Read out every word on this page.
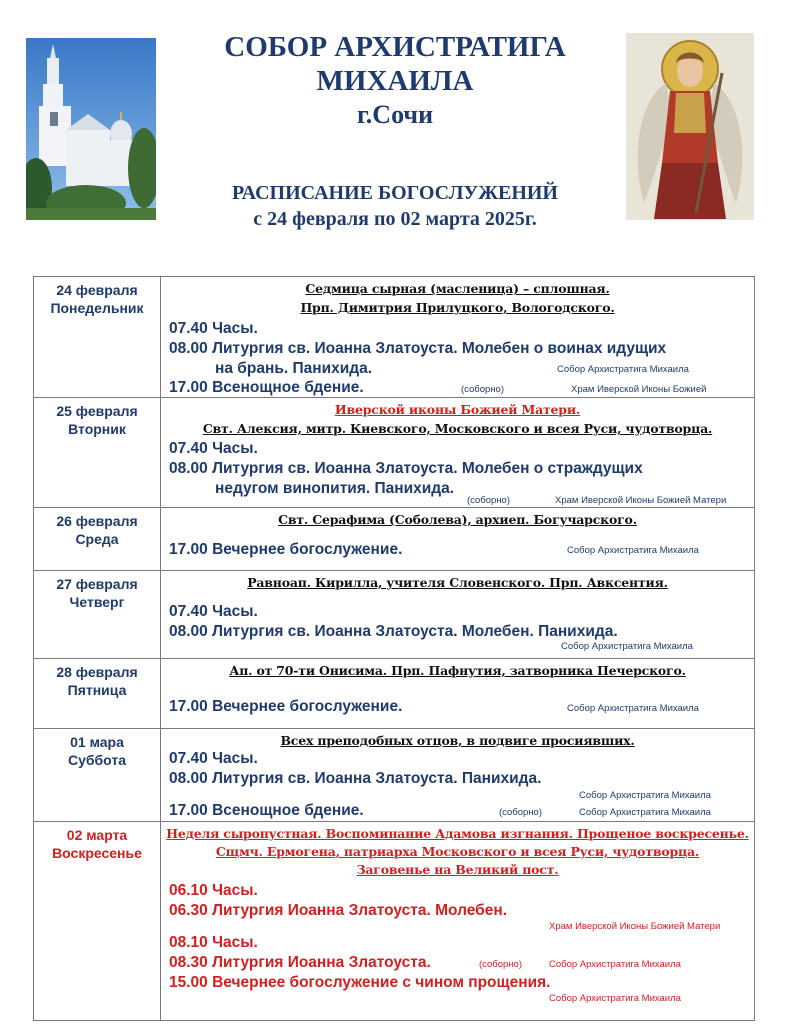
СОБОР АРХИСТРАТИГА
МИХАИЛА
г.Сочи
РАСПИСАНИЕ БОГОСЛУЖЕНИЙ
с 24 февраля по 02 марта 2025г.
24 февраля
Понедельник
Седмица сырная (масленица) – сплошная.
Прп. Димитрия Прилуцкого, Вологодского.
07.40 Часы.
08.00 Литургия св. Иоанна Златоуста. Молебен о воинах идущих
на брань. Панихида.	Собор Архистратига Михаила
17.00 Всенощное бдение.	(соборно)	Храм Иверской Иконы Божией
25 февраля
Вторник
Иверской иконы Божией Матери.
Свт. Алексия, митр. Киевского, Московского и всея Руси, чудотворца.
07.40 Часы.
08.00 Литургия св. Иоанна Златоуста. Молебен о страждущих
недугом винопития. Панихида.
(соборно)	Храм Иверской Иконы Божией Матери
26 февраля
Среда
Свт. Серафима (Соболева), архиеп. Богучарского.
17.00 Вечернее богослужение.	Собор Архистратига Михаила
27 февраля
Четверг
Равноап. Кирилла, учителя Словенского. Прп. Авксентия.
07.40 Часы.
08.00 Литургия св. Иоанна Златоуста. Молебен. Панихида.
Собор Архистратига Михаила
28 февраля
Пятница
Ап. от 70-ти Онисима. Прп. Пафнутия, затворника Печерского.
17.00 Вечернее богослужение.	Собор Архистратига Михаила
01 мара
Суббота
Всех преподобных отцов, в подвиге просиявших.
07.40 Часы.
08.00 Литургия св. Иоанна Златоуста. Панихида.
Собор Архистратига Михаила
17.00 Всенощное бдение.	(соборно)	Собор Архистратига Михаила
02 марта
Воскресенье
Неделя сыропустная. Воспоминание Адамова изгнания. Прощеное воскресенье.
Сщмч. Ермогена, патриарха Московского и всея Руси, чудотворца.
Заговенье на Великий пост.
06.10 Часы.
06.30 Литургия Иоанна Златоуста. Молебен.
Храм Иверской Иконы Божией Матери
08.10 Часы.
08.30 Литургия Иоанна Златоуста.	(соборно)	Собор Архистратига Михаила
15.00 Вечернее богослужение с чином прощения.
Собор Архистратига Михаила
